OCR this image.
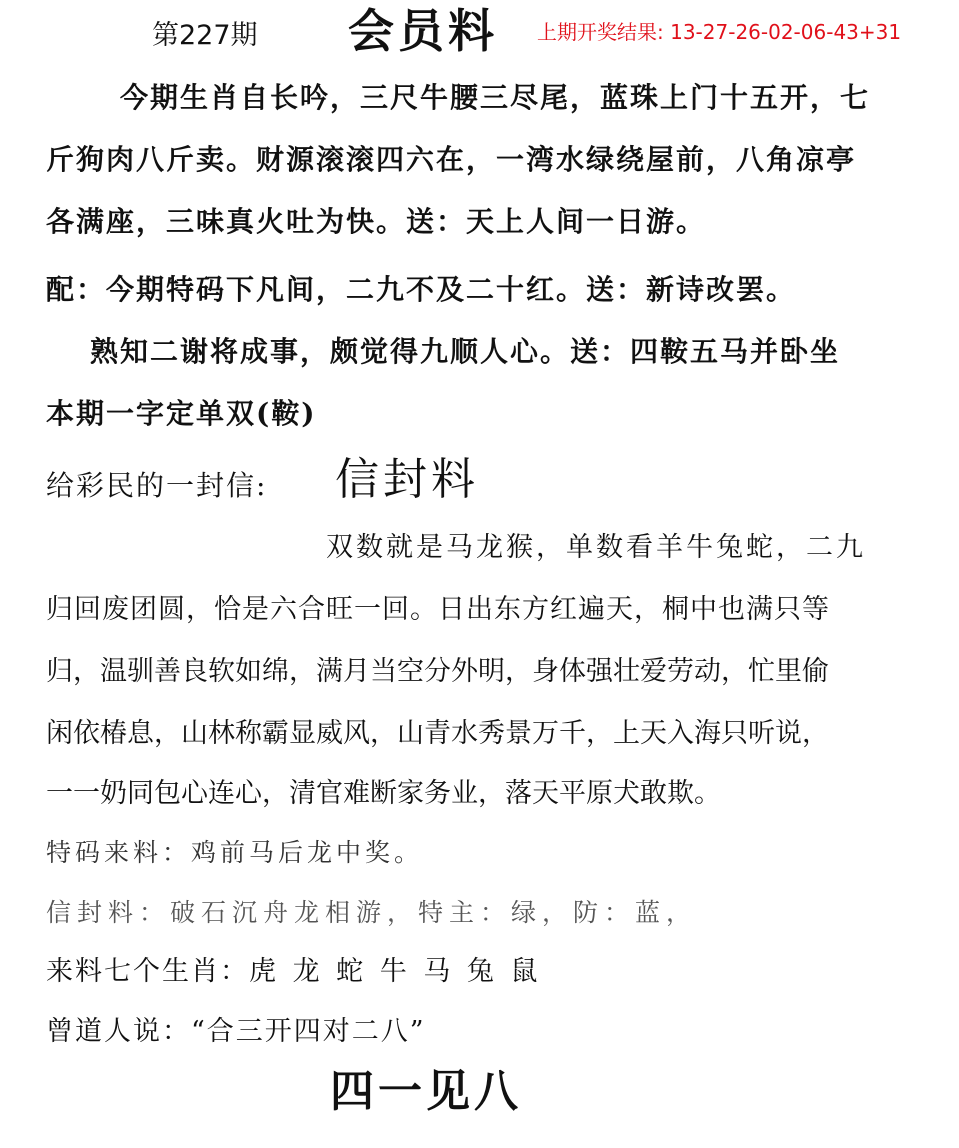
第227期 会员料 上期开奖结果: 13-27-26-02-06-43+31
今期生肖自长吟，三尺牛腰三尽尾，蓝珠上门十五开，七
斤狗肉八斤卖。财源滚滚四六在，一湾水绿绕屋前，八角凉亭
各满座，三味真火吐为快。送：天上人间一日游。
配：今期特码下凡间，二九不及二十红。送：新诗改罢。
熟知二谢将成事，颇觉得九顺人心。送：四鞍五马并卧坐
本期一字定单双(鞍)
给彩民的一封信: 信封料
双数就是马龙猴，单数看羊牛兔蛇，二九
归回废团圆，恰是六合旺一回。日出东方红遍天，桐中也满只等
归，温驯善良软如绵，满月当空分外明，身体强壮爱劳动，忙里偷
闲依椿息，山林称霸显威风，山青水秀景万千，上天入海只听说，
一一奶同包心连心，清官难断家务业，落天平原犬敢欺。
特码来料：鸡前马后龙中奖。
信封料：破石沉舟龙相游，特主：绿，防：蓝，
来料七个生肖：虎 龙 蛇 牛 马 兔 鼠
曾道人说：“合三开四对二八”
四一见八
